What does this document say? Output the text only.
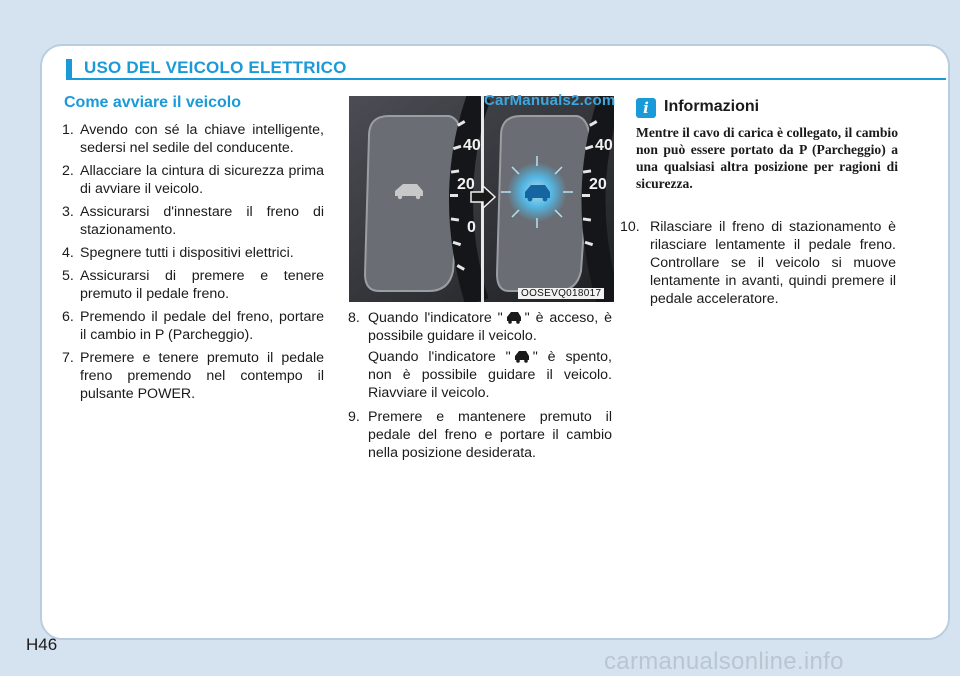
USO DEL VEICOLO ELETTRICO
Come avviare il veicolo
1. Avendo con sé la chiave intelligente, sedersi nel sedile del conducente.
2. Allacciare la cintura di sicurezza prima di avviare il veicolo.
3. Assicurarsi d'innestare il freno di stazionamento.
4. Spegnere tutti i dispositivi elettrici.
5. Assicurarsi di premere e tenere premuto il pedale freno.
6. Premendo il pedale del freno, portare il cambio in P (Parcheggio).
7. Premere e tenere premuto il pedale freno premendo nel contempo il pulsante POWER.
40
20
0
40
20
OOSEVQ018017
CarManuals2.com
8. Quando l'indicatore " " è acceso, è possibile guidare il veicolo.
Quando l'indicatore " " è spento, non è possibile guidare il veicolo. Riavviare il veicolo.
9. Premere e mantenere premuto il pedale del freno e portare il cambio nella posizione desiderata.
i Informazioni
Mentre il cavo di carica è collegato, il cambio non può essere portato da P (Parcheggio) a una qualsiasi altra posizione per ragioni di sicurezza.
10. Rilasciare il freno di stazionamento è rilasciare lentamente il pedale freno. Controllare se il veicolo si muove lentamente in avanti, quindi premere il pedale acceleratore.
H46
carmanualsonline.info
